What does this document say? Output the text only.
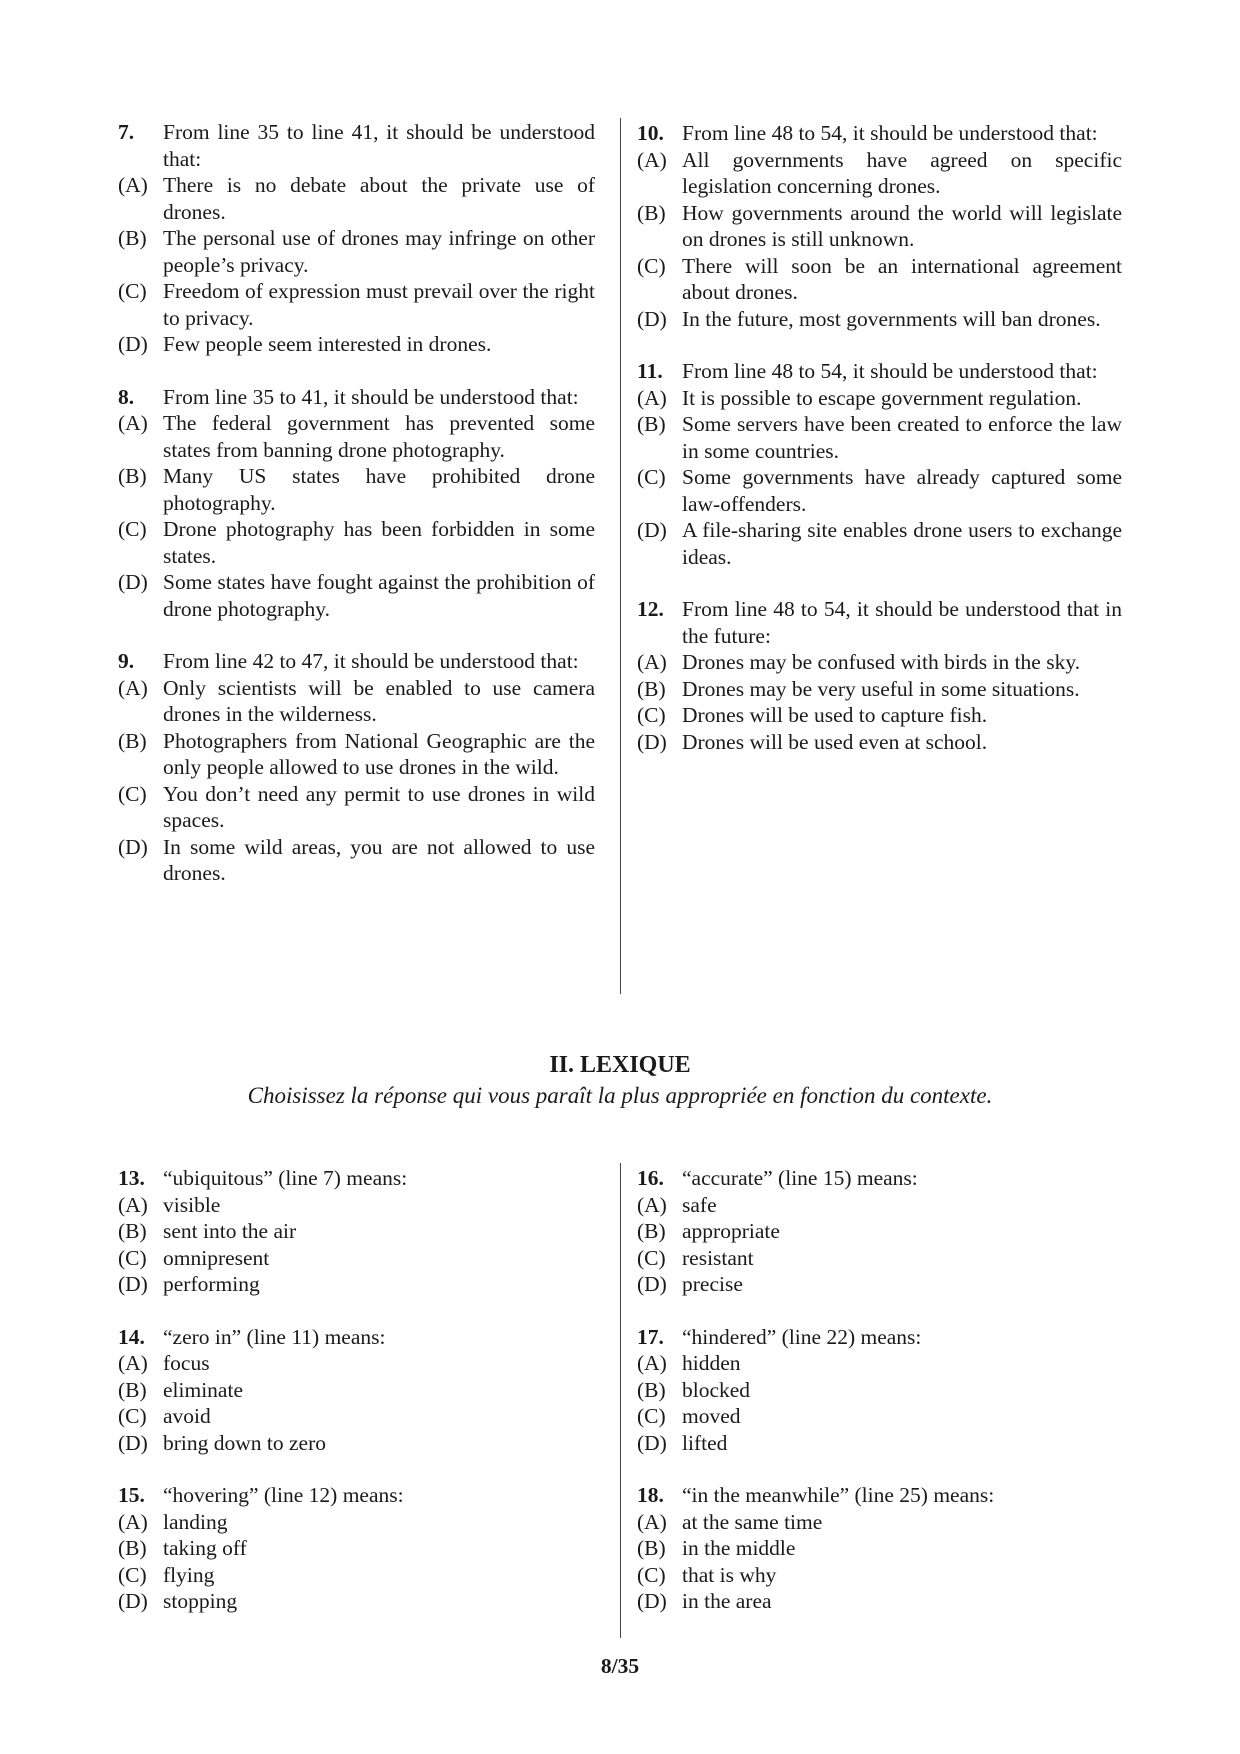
7.	From line 35 to line 41, it should be understood that:
(A) There is no debate about the private use of drones.
(B) The personal use of drones may infringe on other people’s privacy.
(C) Freedom of expression must prevail over the right to privacy.
(D) Few people seem interested in drones.
8.	From line 35 to 41, it should be understood that:
(A) The federal government has prevented some states from banning drone photography.
(B) Many US states have prohibited drone photography.
(C) Drone photography has been forbidden in some states.
(D) Some states have fought against the prohibition of drone photography.
9.	From line 42 to 47, it should be understood that:
(A) Only scientists will be enabled to use camera drones in the wilderness.
(B) Photographers from National Geographic are the only people allowed to use drones in the wild.
(C) You don’t need any permit to use drones in wild spaces.
(D) In some wild areas, you are not allowed to use drones.
10. From line 48 to 54, it should be understood that:
(A) All governments have agreed on specific legislation concerning drones.
(B) How governments around the world will legislate on drones is still unknown.
(C) There will soon be an international agreement about drones.
(D) In the future, most governments will ban drones.
11. From line 48 to 54, it should be understood that:
(A) It is possible to escape government regulation.
(B) Some servers have been created to enforce the law in some countries.
(C) Some governments have already captured some law-offenders.
(D) A file-sharing site enables drone users to exchange ideas.
12. From line 48 to 54, it should be understood that in the future:
(A) Drones may be confused with birds in the sky.
(B) Drones may be very useful in some situations.
(C) Drones will be used to capture fish.
(D) Drones will be used even at school.
II. LEXIQUE
Choisissez la réponse qui vous paraît la plus appropriée en fonction du contexte.
13. “ubiquitous” (line 7) means:
(A) visible
(B) sent into the air
(C) omnipresent
(D) performing
14. “zero in” (line 11) means:
(A) focus
(B) eliminate
(C) avoid
(D) bring down to zero
15. “hovering” (line 12) means:
(A) landing
(B) taking off
(C) flying
(D) stopping
16. “accurate” (line 15) means:
(A) safe
(B) appropriate
(C) resistant
(D) precise
17. “hindered” (line 22) means:
(A) hidden
(B) blocked
(C) moved
(D) lifted
18. “in the meanwhile” (line 25) means:
(A) at the same time
(B) in the middle
(C) that is why
(D) in the area
8/35
